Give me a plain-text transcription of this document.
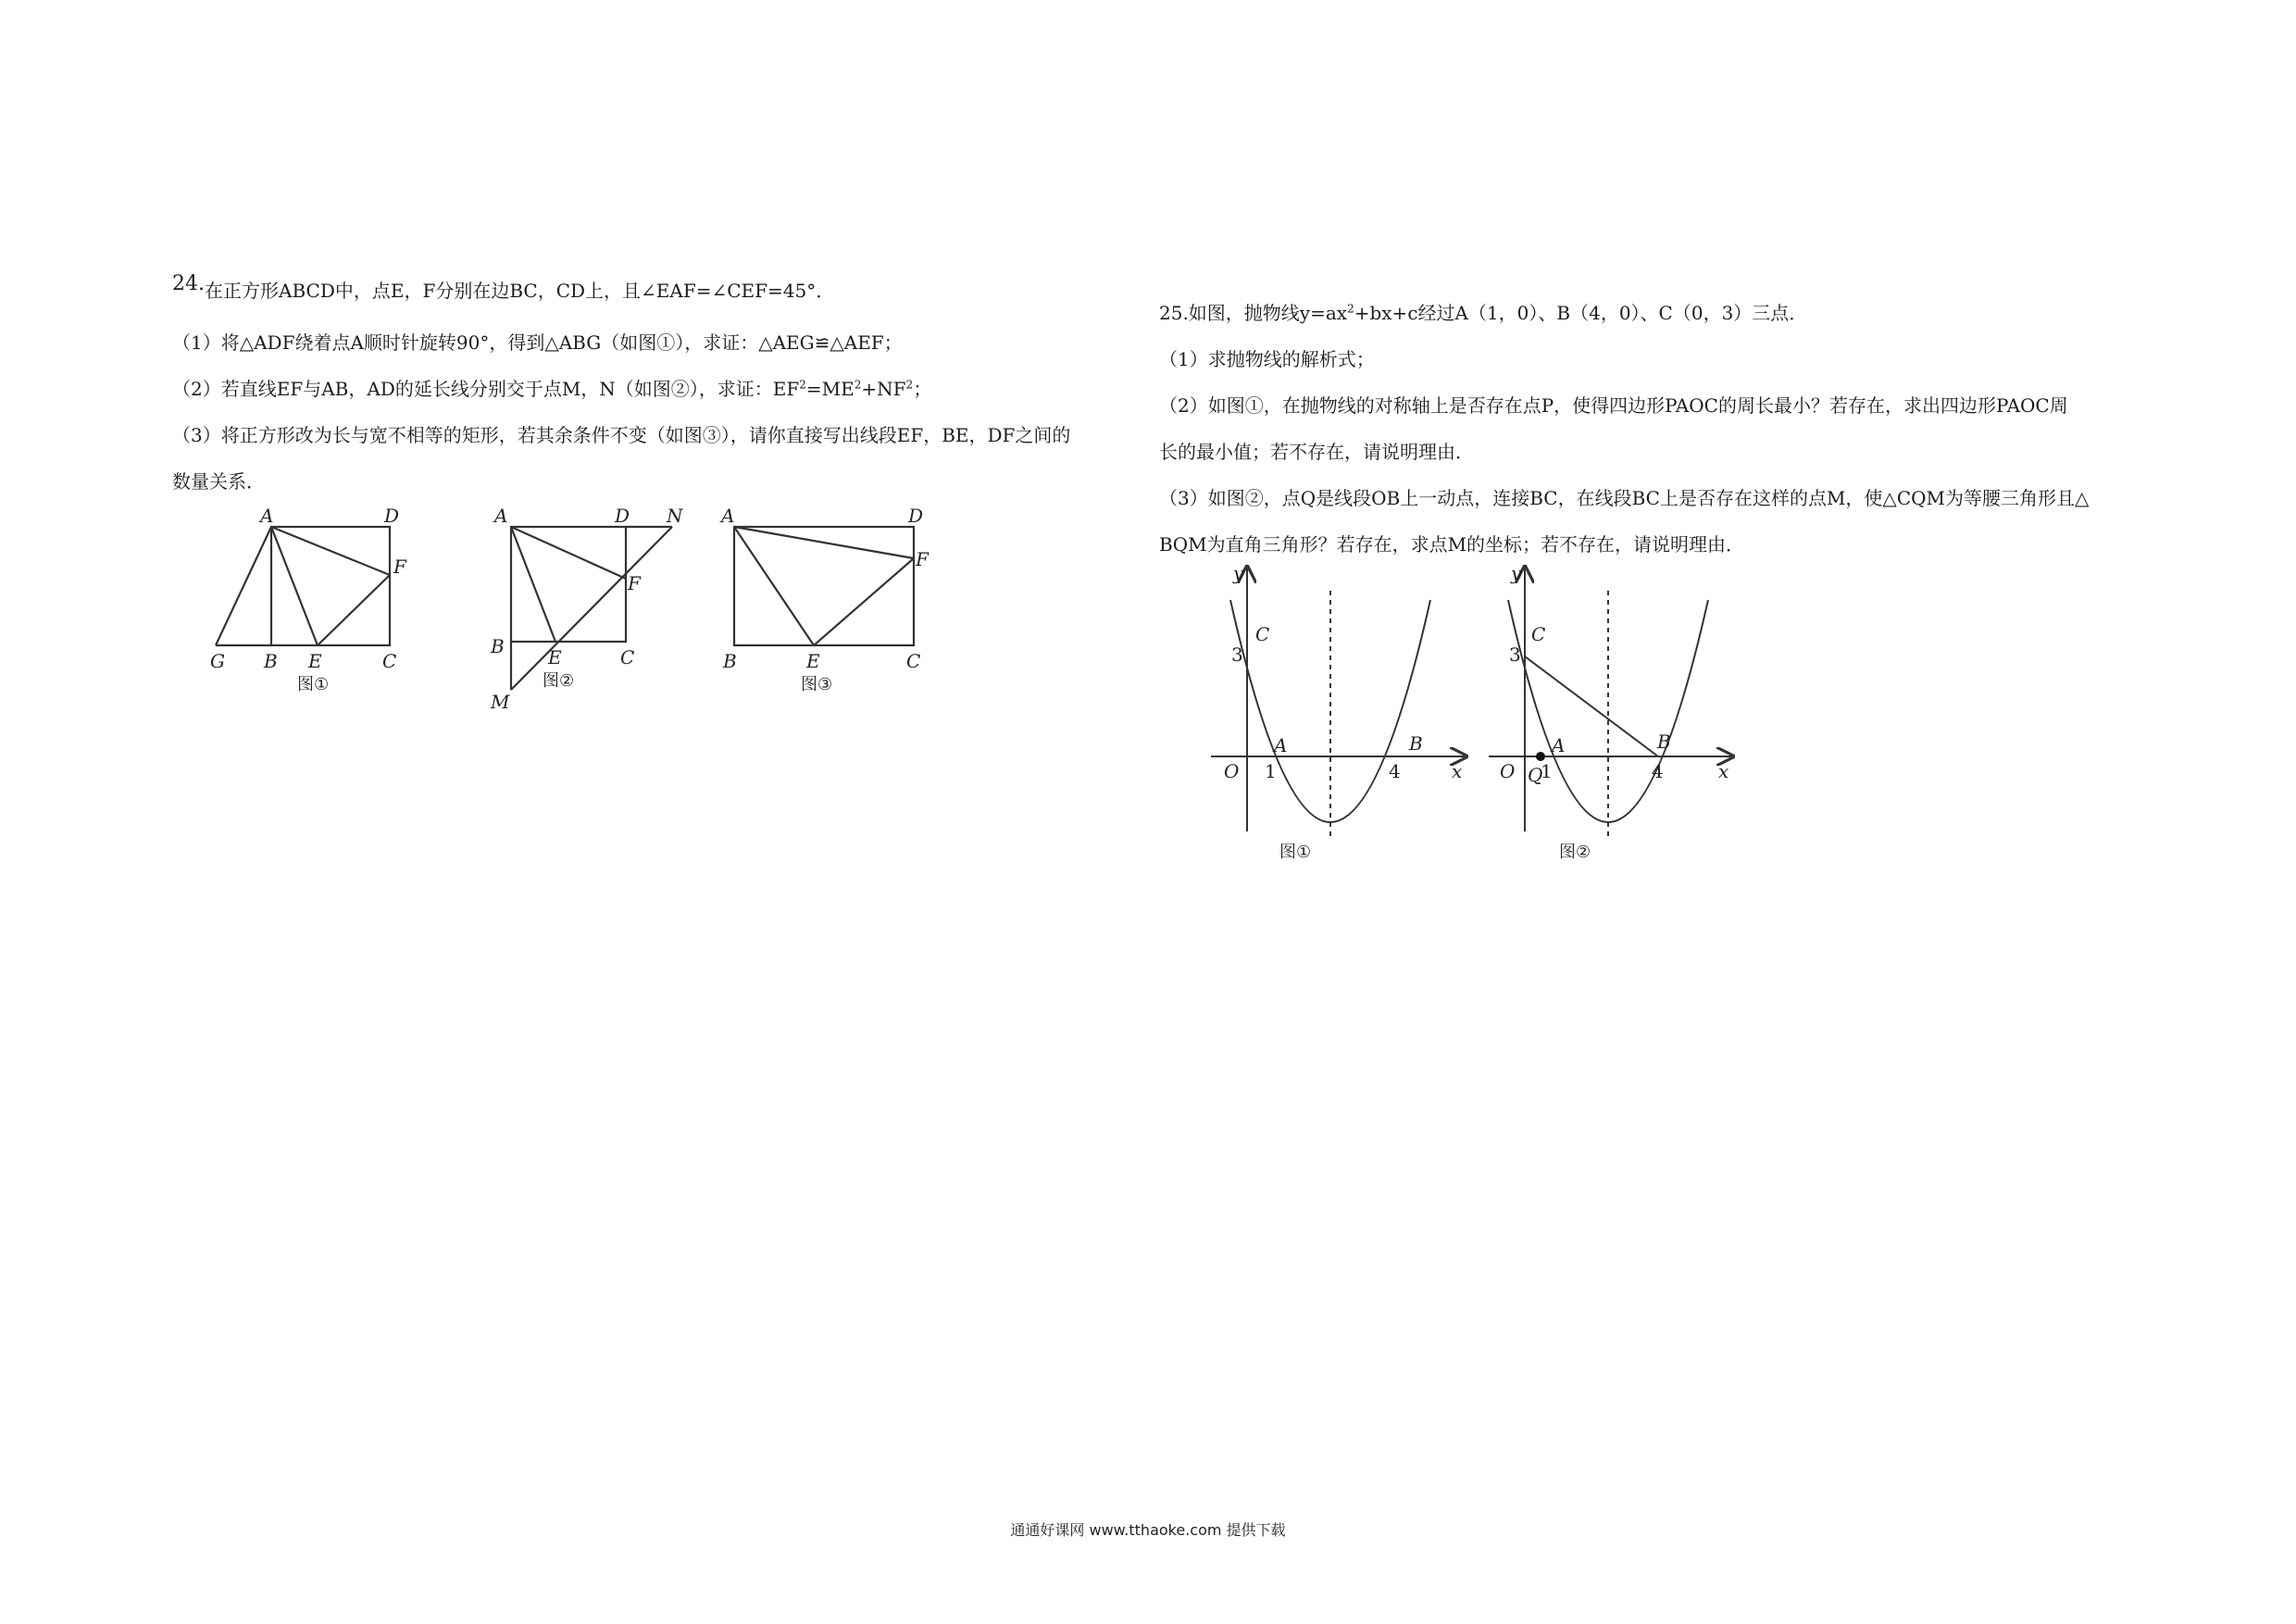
24.在正方形ABCD中，点E，F分别在边BC，CD上，且∠EAF=∠CEF=45°．
（1）将△ADF绕着点A顺时针旋转90°，得到△ABG（如图①），求证：△AEG≌△AEF；
（2）若直线EF与AB，AD的延长线分别交于点M，N（如图②），求证：$EF^2=ME^2+NF^2$；
（3）将正方形改为长与宽不相等的矩形，若其余条件不变（如图③），请你直接写出线段EF，BE，DF之间的
数量关系．
A	D
F
G B E	C
图①
A	D N
F
B E	C
M
图②
A	D
F
B	E	C
图③
25.如图，抛物线$y=ax^2+bx+c$经过A（1，0）、B（4，0）、C（0，3）三点．
（1）求抛物线的解析式；
（2）如图①，在抛物线的对称轴上是否存在点P，使得四边形PAOC的周长最小？若存在，求出四边形PAOC周
长的最小值；若不存在，请说明理由．
（3）如图②，点Q是线段OB上一动点，连接BC，在线段BC上是否存在这样的点M，使△CQM为等腰三角形且△
BQM为直角三角形？若存在，求点M的坐标；若不存在，请说明理由．
y
C
3
A	B
O 1	4	x
图①
y
C
3
A	B
O Q
1	4	x
图②
通通好课网 www.tthaoke.com 提供下载
